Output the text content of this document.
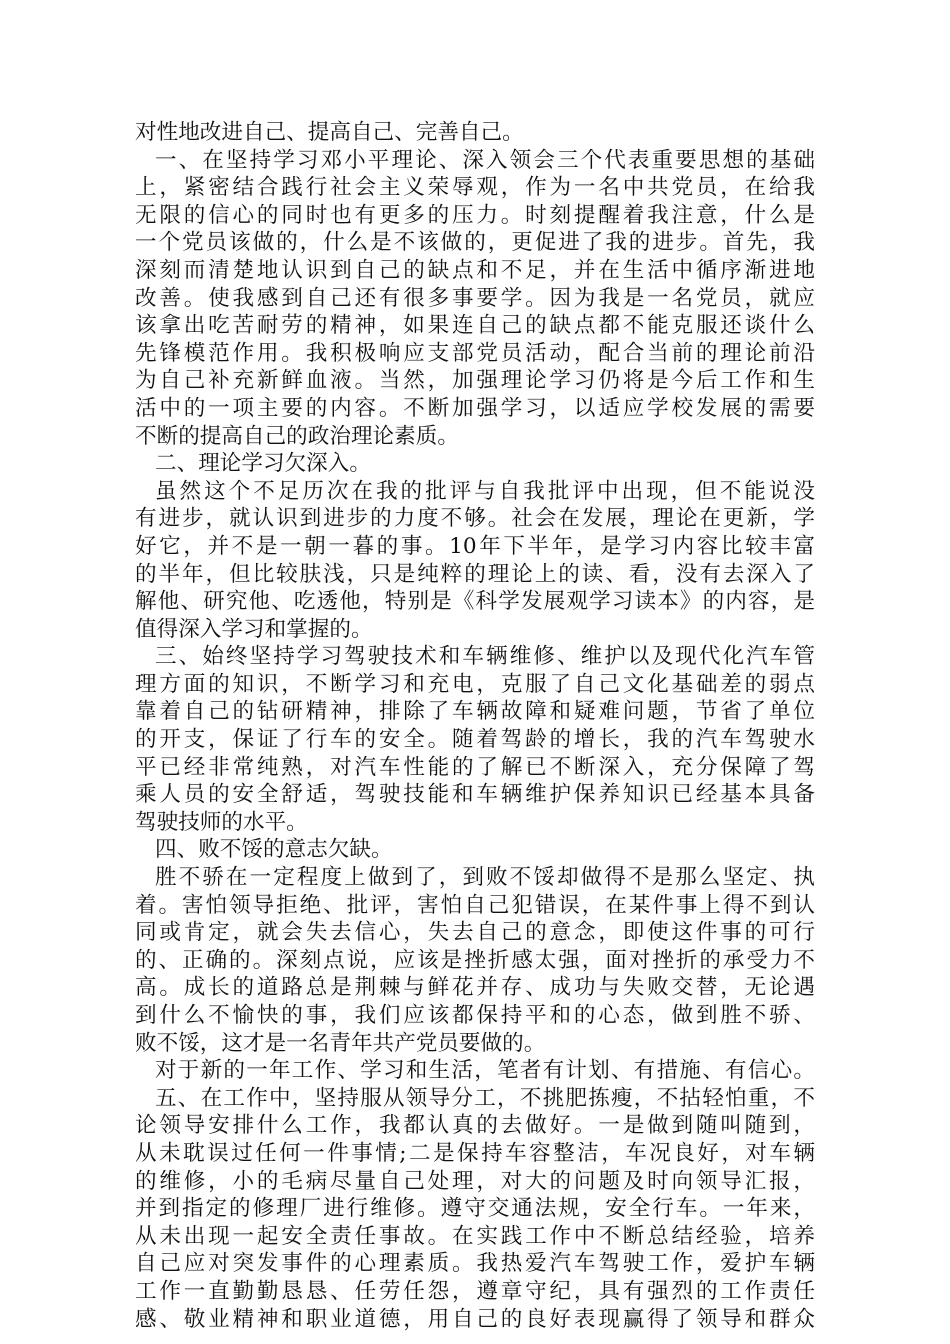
对性地改进自己、提高自己、完善自己。
一、在坚持学习邓小平理论、深入领会三个代表重要思想的基础
上，紧密结合践行社会主义荣辱观，作为一名中共党员，在给我
无限的信心的同时也有更多的压力。时刻提醒着我注意，什么是
一个党员该做的，什么是不该做的，更促进了我的进步。首先，我
深刻而清楚地认识到自己的缺点和不足，并在生活中循序渐进地
改善。使我感到自己还有很多事要学。因为我是一名党员，就应
该拿出吃苦耐劳的精神，如果连自己的缺点都不能克服还谈什么
先锋模范作用。我积极响应支部党员活动，配合当前的理论前沿
为自己补充新鲜血液。当然，加强理论学习仍将是今后工作和生
活中的一项主要的内容。不断加强学习，以适应学校发展的需要
不断的提高自己的政治理论素质。
二、理论学习欠深入。
虽然这个不足历次在我的批评与自我批评中出现，但不能说没
有进步，就认识到进步的力度不够。社会在发展，理论在更新，学
好它，并不是一朝一暮的事。10年下半年，是学习内容比较丰富
的半年，但比较肤浅，只是纯粹的理论上的读、看，没有去深入了
解他、研究他、吃透他，特别是《科学发展观学习读本》的内容，是
值得深入学习和掌握的。
三、始终坚持学习驾驶技术和车辆维修、维护以及现代化汽车管
理方面的知识，不断学习和充电，克服了自己文化基础差的弱点
靠着自己的钻研精神，排除了车辆故障和疑难问题，节省了单位
的开支，保证了行车的安全。随着驾龄的增长，我的汽车驾驶水
平已经非常纯熟，对汽车性能的了解已不断深入，充分保障了驾
乘人员的安全舒适，驾驶技能和车辆维护保养知识已经基本具备
驾驶技师的水平。
四、败不馁的意志欠缺。
胜不骄在一定程度上做到了，到败不馁却做得不是那么坚定、执
着。害怕领导拒绝、批评，害怕自己犯错误，在某件事上得不到认
同或肯定，就会失去信心，失去自己的意念，即使这件事的可行
的、正确的。深刻点说，应该是挫折感太强，面对挫折的承受力不
高。成长的道路总是荆棘与鲜花并存、成功与失败交替，无论遇
到什么不愉快的事，我们应该都保持平和的心态，做到胜不骄、
败不馁，这才是一名青年共产党员要做的。
对于新的一年工作、学习和生活，笔者有计划、有措施、有信心。
五、在工作中，坚持服从领导分工，不挑肥拣瘦，不拈轻怕重，不
论领导安排什么工作，我都认真的去做好。一是做到随叫随到，
从未耽误过任何一件事情;二是保持车容整洁，车况良好，对车辆
的维修，小的毛病尽量自己处理，对大的问题及时向领导汇报，
并到指定的修理厂进行维修。遵守交通法规，安全行车。一年来，
从未出现一起安全责任事故。在实践工作中不断总结经验，培养
自己应对突发事件的心理素质。我热爱汽车驾驶工作，爱护车辆
工作一直勤勤恳恳、任劳任怨，遵章守纪，具有强烈的工作责任
感、敬业精神和职业道德，用自己的良好表现赢得了领导和群众
